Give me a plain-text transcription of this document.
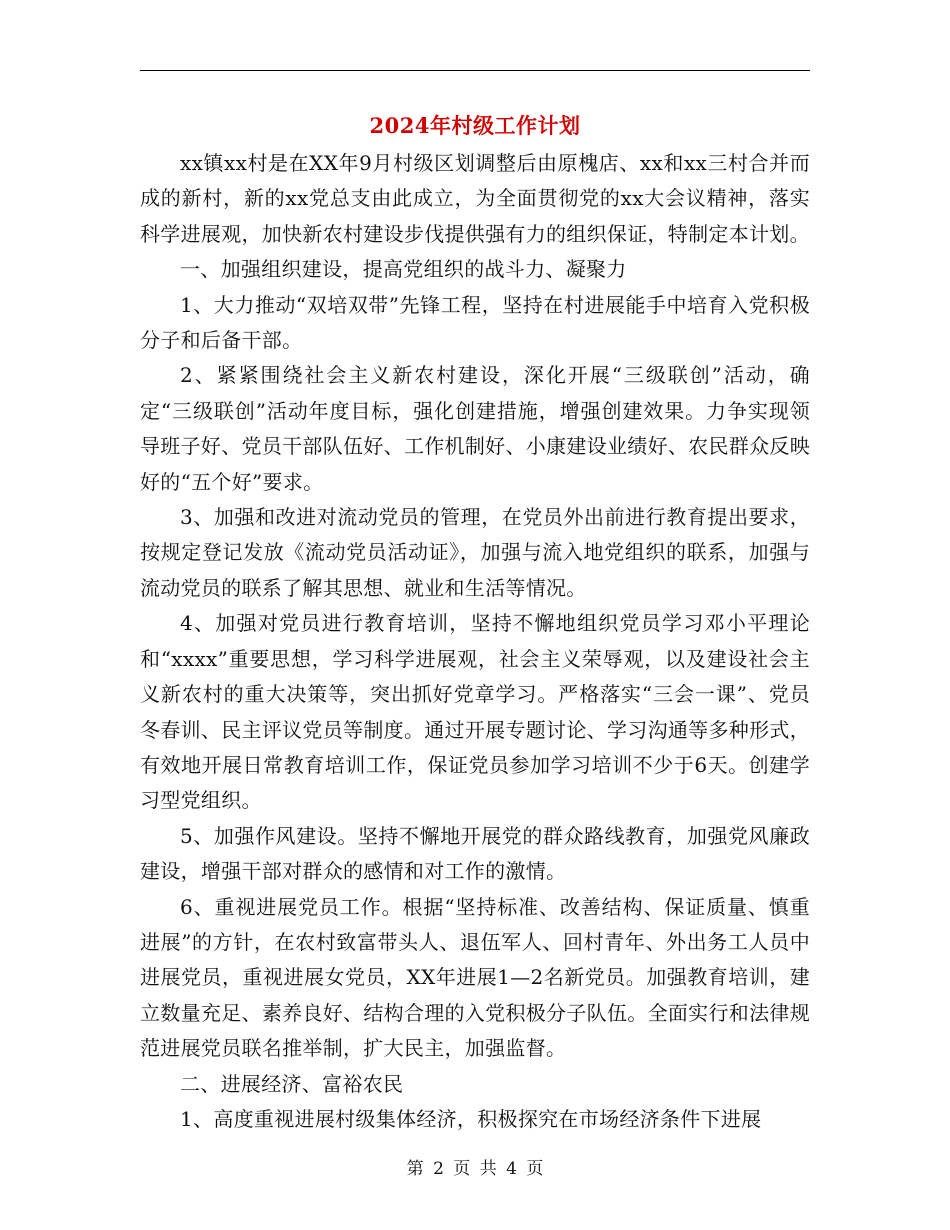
2024年村级工作计划

xx镇xx村是在XX年9月村级区划调整后由原槐店、xx和xx三村合并而成的新村，新的xx党总支由此成立，为全面贯彻党的xx大会议精神，落实科学进展观，加快新农村建设步伐提供强有力的组织保证，特制定本计划。

一、加强组织建设，提高党组织的战斗力、凝聚力

1、大力推动“双培双带”先锋工程，坚持在村进展能手中培育入党积极分子和后备干部。

2、紧紧围绕社会主义新农村建设，深化开展“三级联创”活动，确定“三级联创”活动年度目标，强化创建措施，增强创建效果。力争实现领导班子好、党员干部队伍好、工作机制好、小康建设业绩好、农民群众反映好的“五个好”要求。

3、加强和改进对流动党员的管理，在党员外出前进行教育提出要求，按规定登记发放《流动党员活动证》，加强与流入地党组织的联系，加强与流动党员的联系了解其思想、就业和生活等情况。

4、加强对党员进行教育培训，坚持不懈地组织党员学习邓小平理论和“xxxx”重要思想，学习科学进展观，社会主义荣辱观，以及建设社会主义新农村的重大决策等，突出抓好党章学习。严格落实“三会一课”、党员冬春训、民主评议党员等制度。通过开展专题讨论、学习沟通等多种形式，有效地开展日常教育培训工作，保证党员参加学习培训不少于6天。创建学习型党组织。

5、加强作风建设。坚持不懈地开展党的群众路线教育，加强党风廉政建设，增强干部对群众的感情和对工作的激情。

6、重视进展党员工作。根据“坚持标准、改善结构、保证质量、慎重进展”的方针，在农村致富带头人、退伍军人、回村青年、外出务工人员中进展党员，重视进展女党员，XX年进展1—2名新党员。加强教育培训，建立数量充足、素养良好、结构合理的入党积极分子队伍。全面实行和法律规范进展党员联名推举制，扩大民主，加强监督。

二、进展经济、富裕农民

1、高度重视进展村级集体经济，积极探究在市场经济条件下进展

第 2 页 共 4 页
